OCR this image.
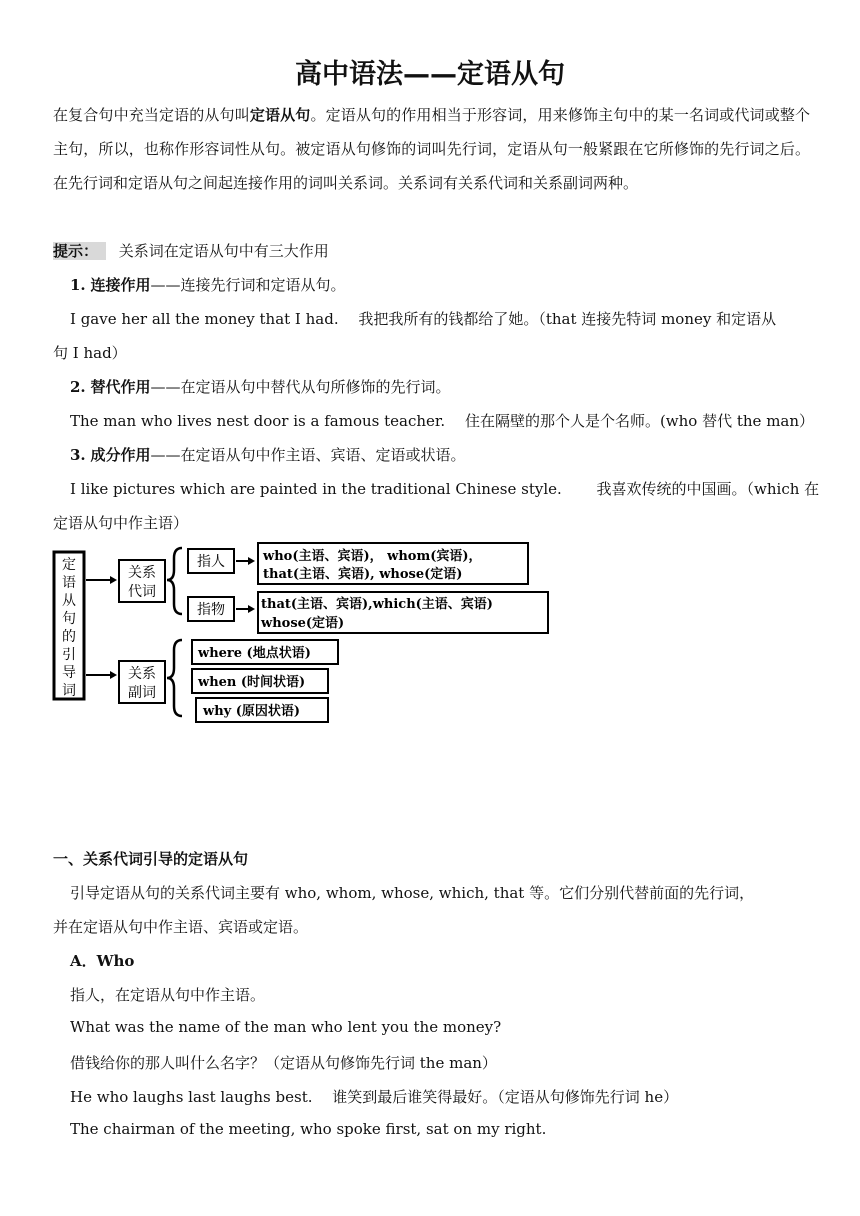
高中语法——定语从句
在复合句中充当定语的从句叫定语从句。定语从句的作用相当于形容词，用来修饰主句中的某一名词或代词或整个主句，所以，也称作形容词性从句。被定语从句修饰的词叫先行词，定语从句一般紧跟在它所修饰的先行词之后。在先行词和定语从句之间起连接作用的词叫关系词。关系词有关系代词和关系副词两种。
提示： 关系词在定语从句中有三大作用
1. 连接作用——连接先行词和定语从句。
I gave her all the money that I had.　 我把我所有的钱都给了她。（that 连接先特词 money 和定语从
句 I had）
2. 替代作用——在定语从句中替代从句所修饰的先行词。
The man who lives nest door is a famous teacher.　 住在隔壁的那个人是个名师。(who 替代 the man）
3. 成分作用——在定语从句中作主语、宾语、定语或状语。
I like pictures which are painted in the traditional Chinese style.　　 我喜欢传统的中国画。（which 在
定语从句中作主语）
定
语
从
句
的
引
导
词
关系
代词
关系
副词
指人
指物
who(主语、宾语)， whom(宾语)，
that(主语、宾语), whose(定语)
that(主语、宾语),which(主语、宾语)
whose(定语)
where (地点状语)
when (时间状语)
why (原因状语)
一、关系代词引导的定语从句
引导定语从句的关系代词主要有 who, whom, whose, which, that 等。它们分别代替前面的先行词，
并在定语从句中作主语、宾语或定语。
A．Who
指人，在定语从句中作主语。
What was the name of the man who lent you the money?
借钱给你的那人叫什么名字？（定语从句修饰先行词 the man）
He who laughs last laughs best.　 谁笑到最后谁笑得最好。（定语从句修饰先行词 he）
The chairman of the meeting, who spoke first, sat on my right.
